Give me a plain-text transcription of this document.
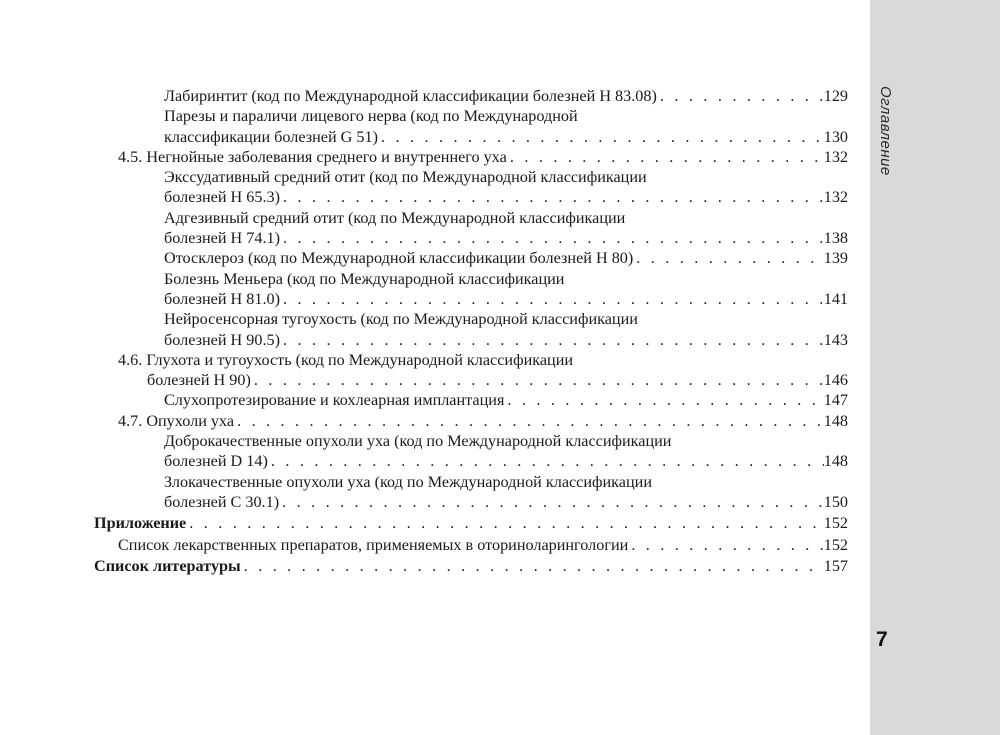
Лабиринтит (код по Международной классификации болезней H 83.08) . . .	129
Парезы и параличи лицевого нерва (код по Международной
классификации болезней G 51) . . .	130
4.5. Негнойные заболевания среднего и внутреннего уха . . .	132
Экссудативный средний отит (код по Международной классификации
болезней H 65.3) . . .	132
Адгезивный средний отит (код по Международной классификации
болезней H 74.1) . . .	138
Отосклероз (код по Международной классификации болезней H 80) . . .	139
Болезнь Меньера (код по Международной классификации
болезней H 81.0) . . .	141
Нейросенсорная тугоухость (код по Международной классификации
болезней H 90.5) . . .	143
4.6. Глухота и тугоухость (код по Международной классификации
болезней H 90) . . .	146
Слухопротезирование и кохлеарная имплантация . . .	147
4.7. Опухоли уха . . .	148
Доброкачественные опухоли уха (код по Международной классификации
болезней D 14) . . .	148
Злокачественные опухоли уха (код по Международной классификации
болезней C 30.1) . . .	150
Приложение . . .	152
Список лекарственных препаратов, применяемых в оториноларингологии . . .	152
Список литературы . . .	157
Оглавление
7
